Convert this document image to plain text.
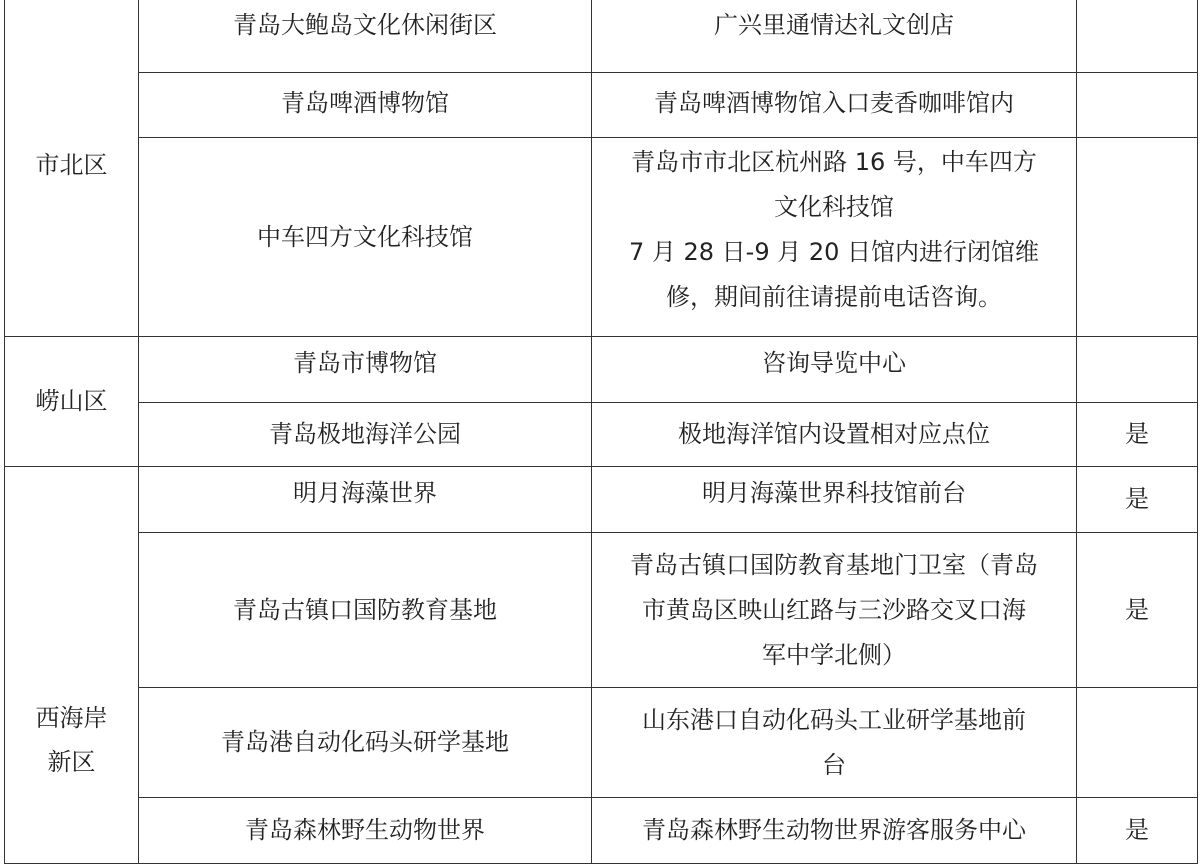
市北区	青岛大鲍岛文化休闲街区	广兴里通情达礼文创店	

	青岛啤酒博物馆	青岛啤酒博物馆入口麦香咖啡馆内	

	中车四方文化科技馆	青岛市市北区杭州路 16 号，中车四方
文化科技馆
7 月 28 日-9 月 20 日馆内进行闭馆维
修，期间前往请提前电话咨询。	

崂山区	青岛市博物馆	咨询导览中心	

	青岛极地海洋公园	极地海洋馆内设置相对应点位	是

西海岸
新区	明月海藻世界	明月海藻世界科技馆前台	是
	青岛古镇口国防教育基地	青岛古镇口国防教育基地门卫室（青岛
市黄岛区映山红路与三沙路交叉口海
军中学北侧）	是
	青岛港自动化码头研学基地	山东港口自动化码头工业研学基地前
台	

	青岛森林野生动物世界	青岛森林野生动物世界游客服务中心	是
